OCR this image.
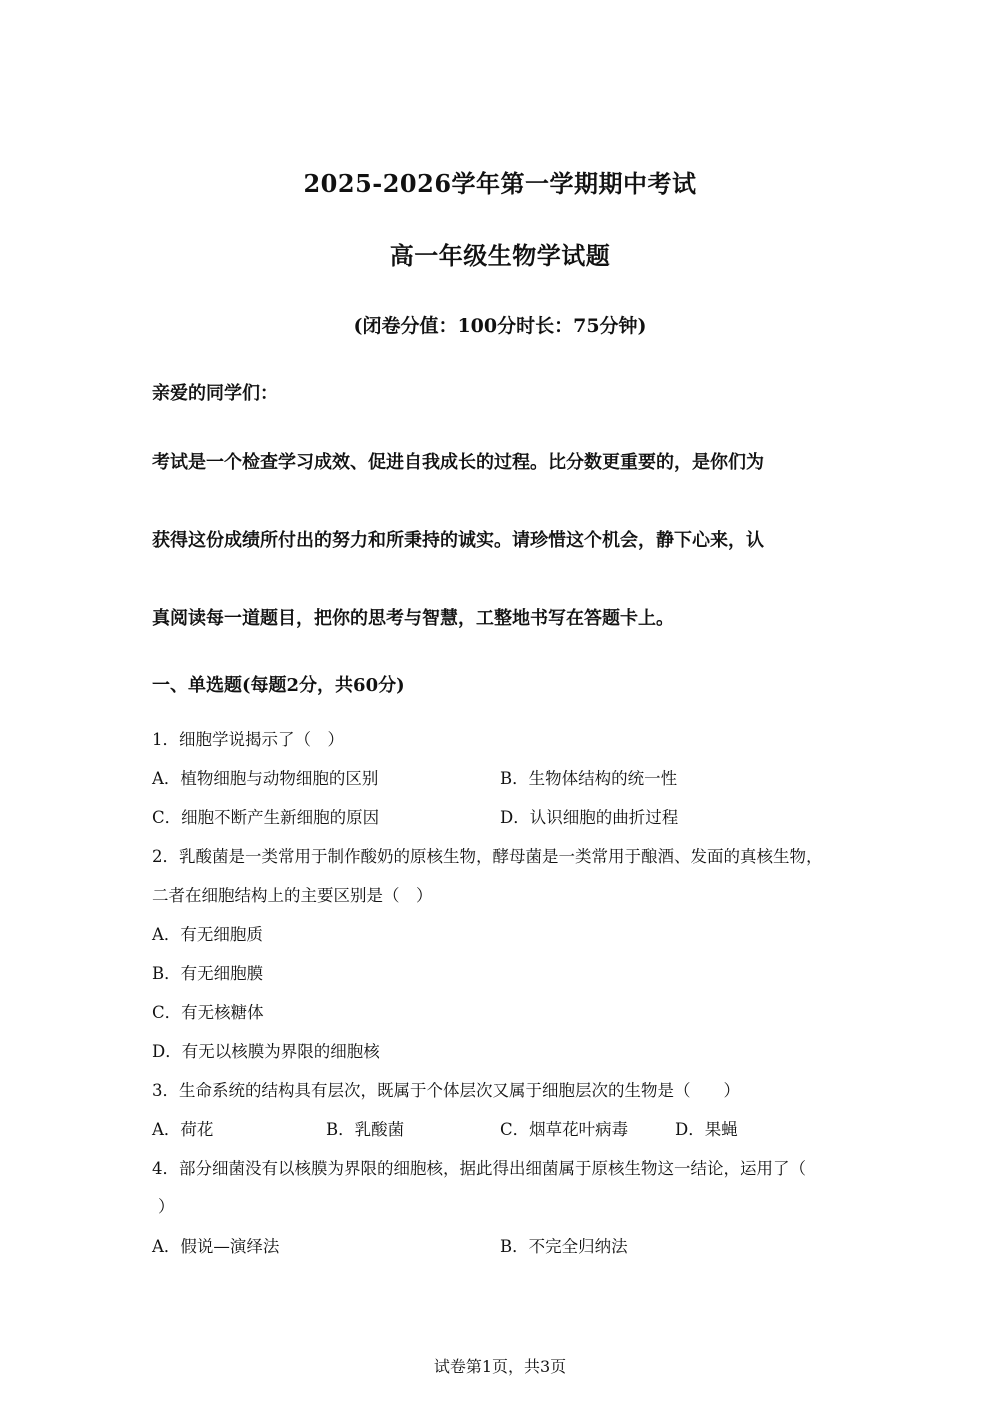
2025-2026学年第一学期期中考试
高一年级生物学试题
(闭卷分值：100分时长：75分钟)
亲爱的同学们：
考试是一个检查学习成效、促进自我成长的过程。比分数更重要的，是你们为
获得这份成绩所付出的努力和所秉持的诚实。请珍惜这个机会，静下心来，认
真阅读每一道题目，把你的思考与智慧，工整地书写在答题卡上。
一、单选题(每题2分，共60分)
1．细胞学说揭示了（　）
A．植物细胞与动物细胞的区别	B．生物体结构的统一性
C．细胞不断产生新细胞的原因	D．认识细胞的曲折过程
2．乳酸菌是一类常用于制作酸奶的原核生物，酵母菌是一类常用于酿酒、发面的真核生物，
二者在细胞结构上的主要区别是（　）
A．有无细胞质
B．有无细胞膜
C．有无核糖体
D．有无以核膜为界限的细胞核
3．生命系统的结构具有层次，既属于个体层次又属于细胞层次的生物是（　　）
A．荷花	B．乳酸菌	C．烟草花叶病毒	D．果蝇
4．部分细菌没有以核膜为界限的细胞核，据此得出细菌属于原核生物这一结论，运用了（
）
A．假说—演绎法	B．不完全归纳法
试卷第1页，共3页
